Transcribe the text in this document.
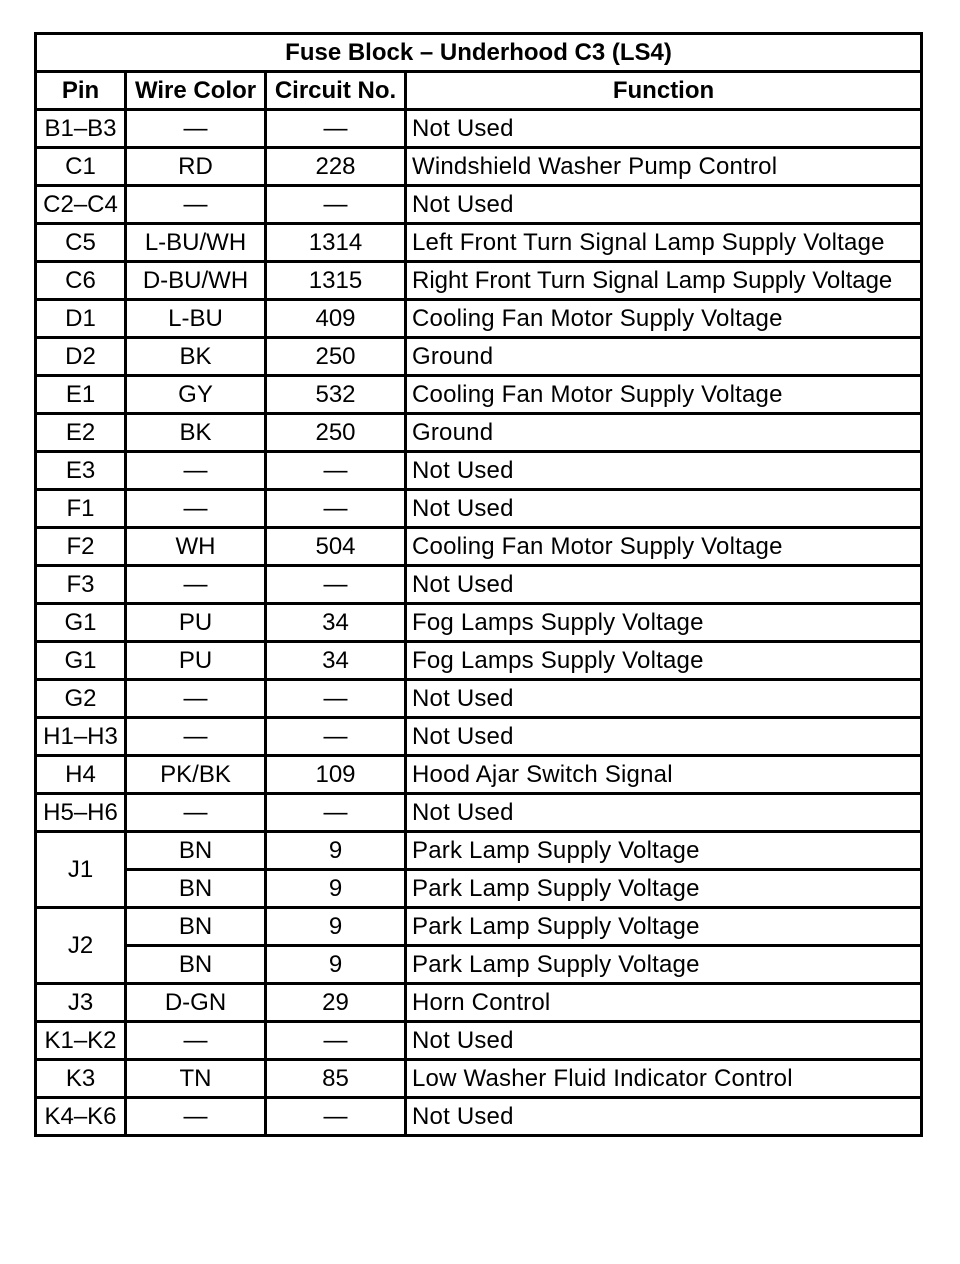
Fuse Block – Underhood C3 (LS4)			
Pin	Wire Color	Circuit No.	Function
B1–B3	—	—	Not Used
C1	RD	228	Windshield Washer Pump Control
C2–C4	—	—	Not Used
C5	L-BU/WH	1314	Left Front Turn Signal Lamp Supply Voltage
C6	D-BU/WH	1315	Right Front Turn Signal Lamp Supply Voltage
D1	L-BU	409	Cooling Fan Motor Supply Voltage
D2	BK	250	Ground
E1	GY	532	Cooling Fan Motor Supply Voltage
E2	BK	250	Ground
E3	—	—	Not Used
F1	—	—	Not Used
F2	WH	504	Cooling Fan Motor Supply Voltage
F3	—	—	Not Used
G1	PU	34	Fog Lamps Supply Voltage
G1	PU	34	Fog Lamps Supply Voltage
G2	—	—	Not Used
H1–H3	—	—	Not Used
H4	PK/BK	109	Hood Ajar Switch Signal
H5–H6	—	—	Not Used
J1	BN	9	Park Lamp Supply Voltage
	BN	9	Park Lamp Supply Voltage
J2	BN	9	Park Lamp Supply Voltage
	BN	9	Park Lamp Supply Voltage
J3	D-GN	29	Horn Control
K1–K2	—	—	Not Used
K3	TN	85	Low Washer Fluid Indicator Control
K4–K6	—	—	Not Used
